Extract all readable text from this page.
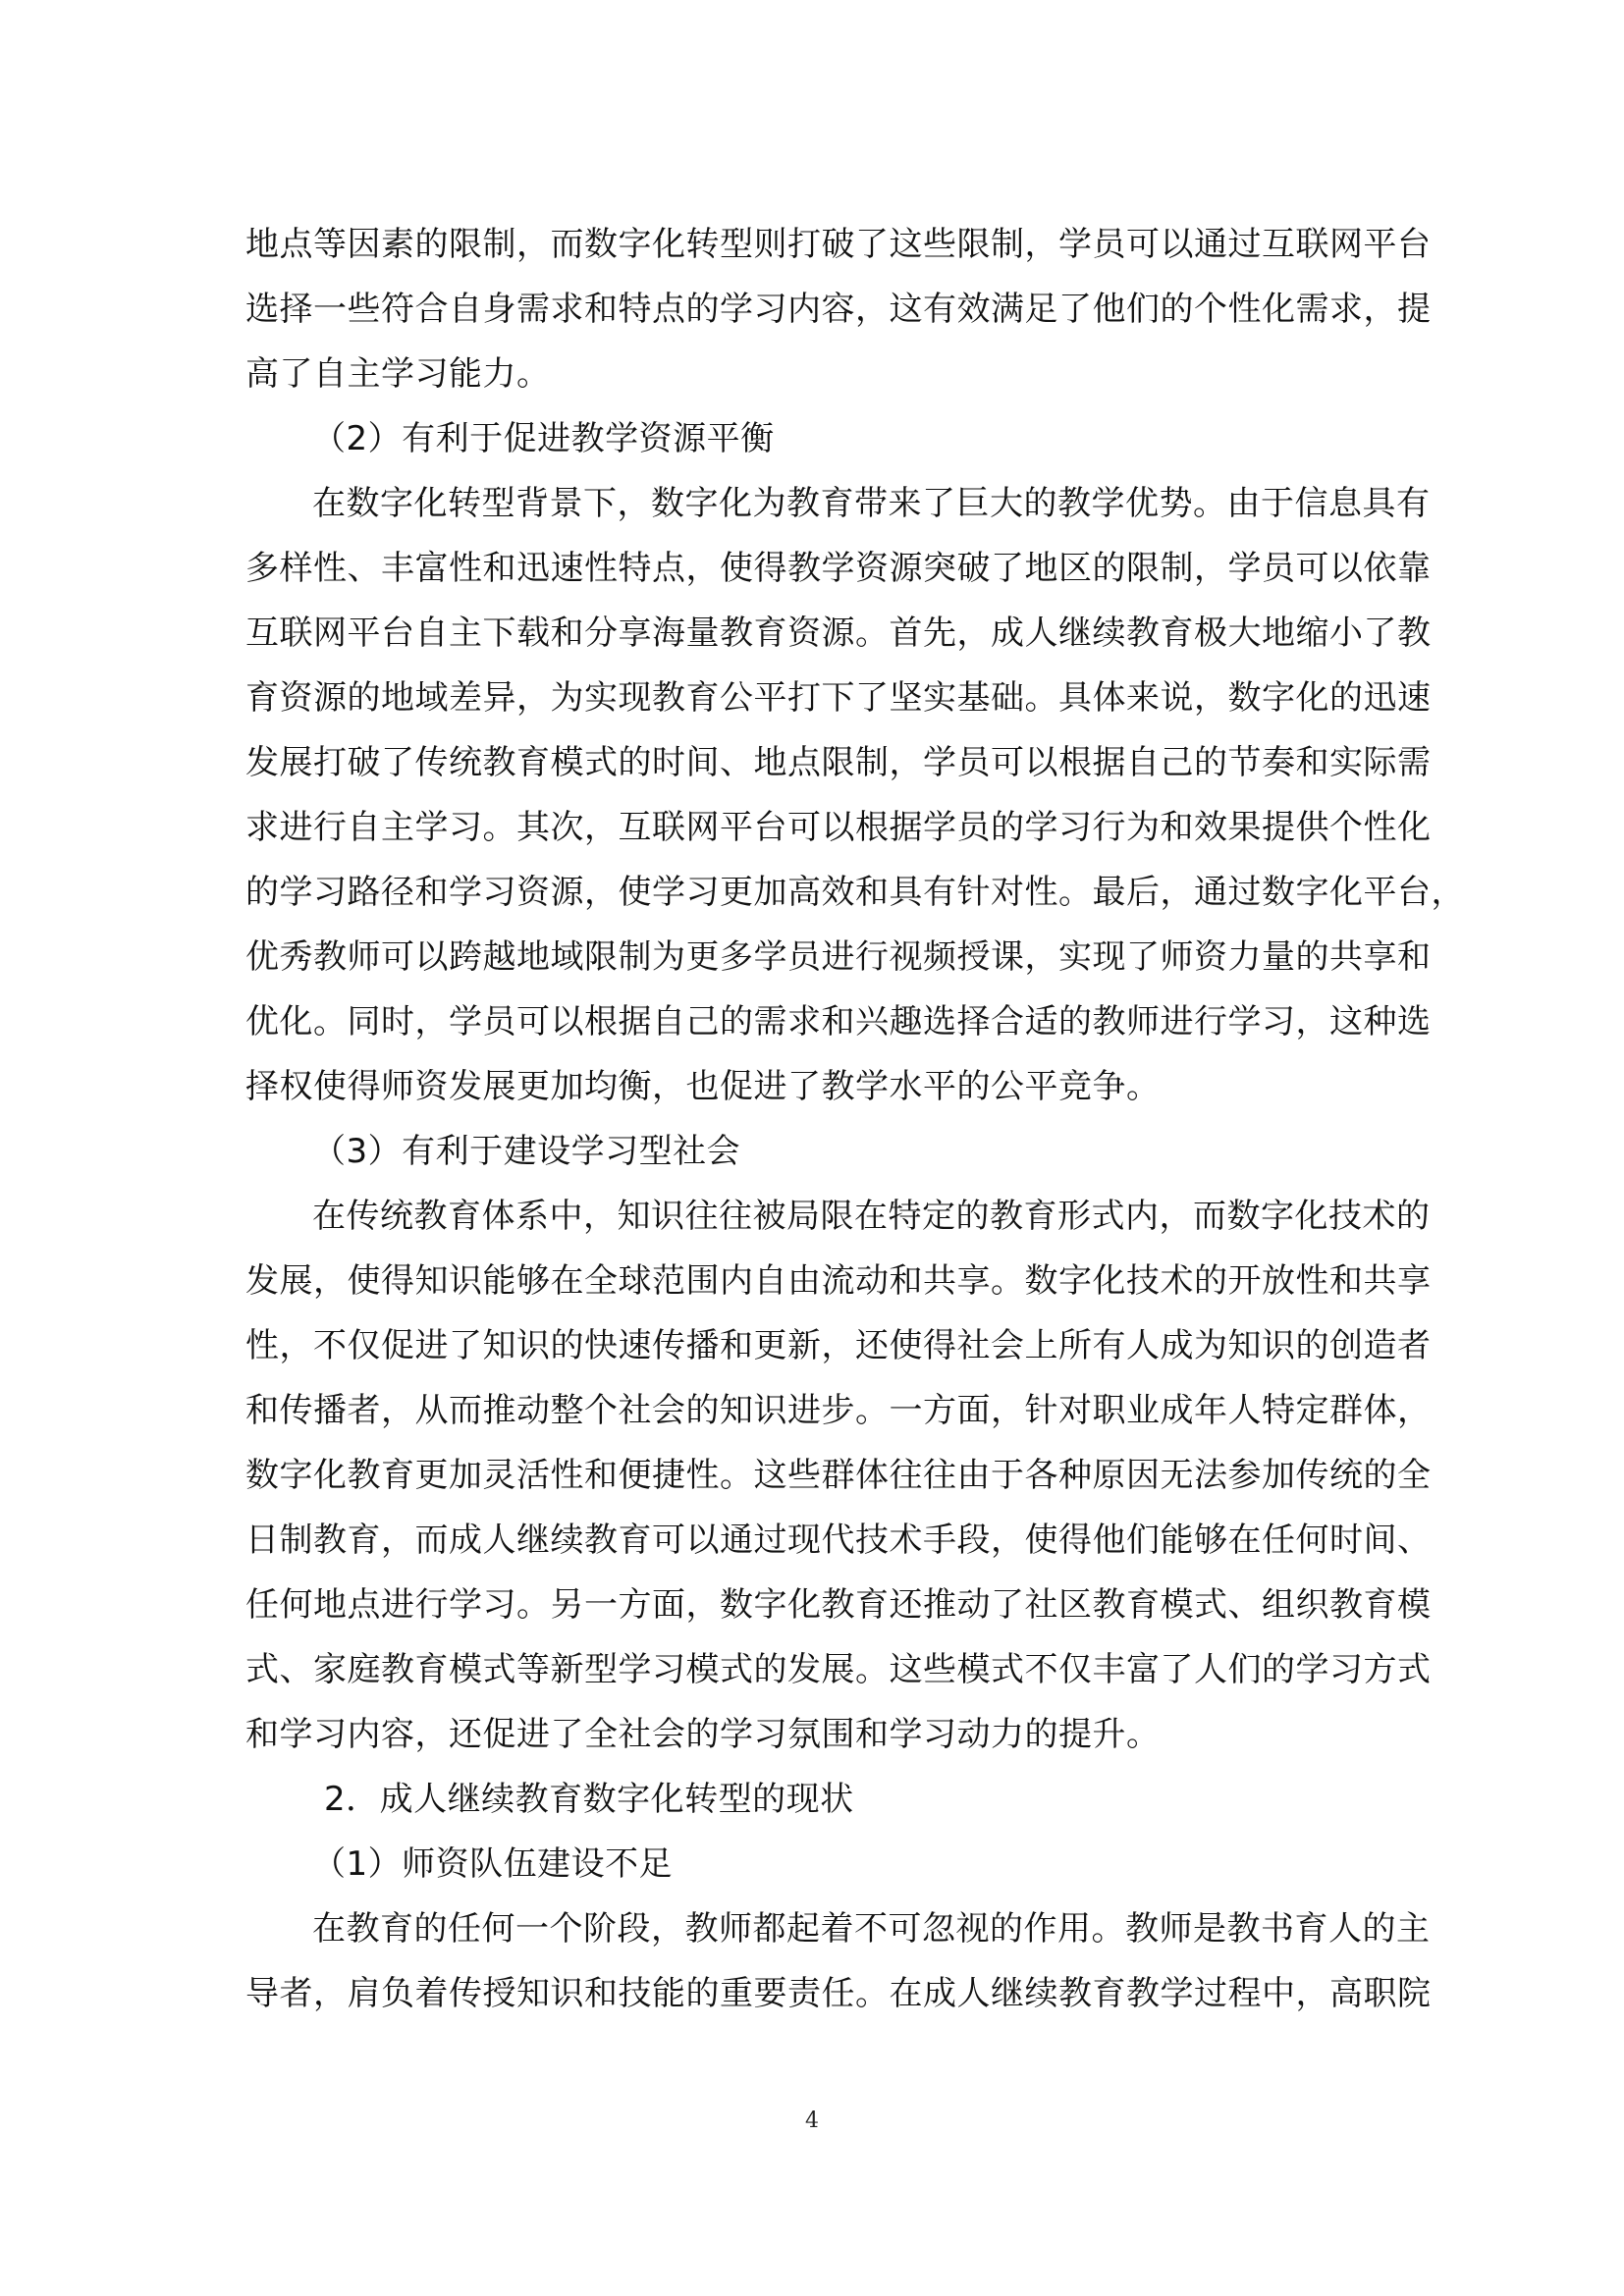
地点等因素的限制，而数字化转型则打破了这些限制，学员可以通过互联网平台
选择一些符合自身需求和特点的学习内容，这有效满足了他们的个性化需求，提
高了自主学习能力。
（2）有利于促进教学资源平衡
在数字化转型背景下，数字化为教育带来了巨大的教学优势。由于信息具有
多样性、丰富性和迅速性特点，使得教学资源突破了地区的限制，学员可以依靠
互联网平台自主下载和分享海量教育资源。首先，成人继续教育极大地缩小了教
育资源的地域差异，为实现教育公平打下了坚实基础。具体来说，数字化的迅速
发展打破了传统教育模式的时间、地点限制，学员可以根据自己的节奏和实际需
求进行自主学习。其次，互联网平台可以根据学员的学习行为和效果提供个性化
的学习路径和学习资源，使学习更加高效和具有针对性。最后，通过数字化平台，
优秀教师可以跨越地域限制为更多学员进行视频授课，实现了师资力量的共享和
优化。同时，学员可以根据自己的需求和兴趣选择合适的教师进行学习，这种选
择权使得师资发展更加均衡，也促进了教学水平的公平竞争。
（3）有利于建设学习型社会
在传统教育体系中，知识往往被局限在特定的教育形式内，而数字化技术的
发展，使得知识能够在全球范围内自由流动和共享。数字化技术的开放性和共享
性，不仅促进了知识的快速传播和更新，还使得社会上所有人成为知识的创造者
和传播者，从而推动整个社会的知识进步。一方面，针对职业成年人特定群体，
数字化教育更加灵活性和便捷性。这些群体往往由于各种原因无法参加传统的全
日制教育，而成人继续教育可以通过现代技术手段，使得他们能够在任何时间、
任何地点进行学习。另一方面，数字化教育还推动了社区教育模式、组织教育模
式、家庭教育模式等新型学习模式的发展。这些模式不仅丰富了人们的学习方式
和学习内容，还促进了全社会的学习氛围和学习动力的提升。
2．成人继续教育数字化转型的现状
（1）师资队伍建设不足
在教育的任何一个阶段，教师都起着不可忽视的作用。教师是教书育人的主
导者，肩负着传授知识和技能的重要责任。在成人继续教育教学过程中，高职院
4
